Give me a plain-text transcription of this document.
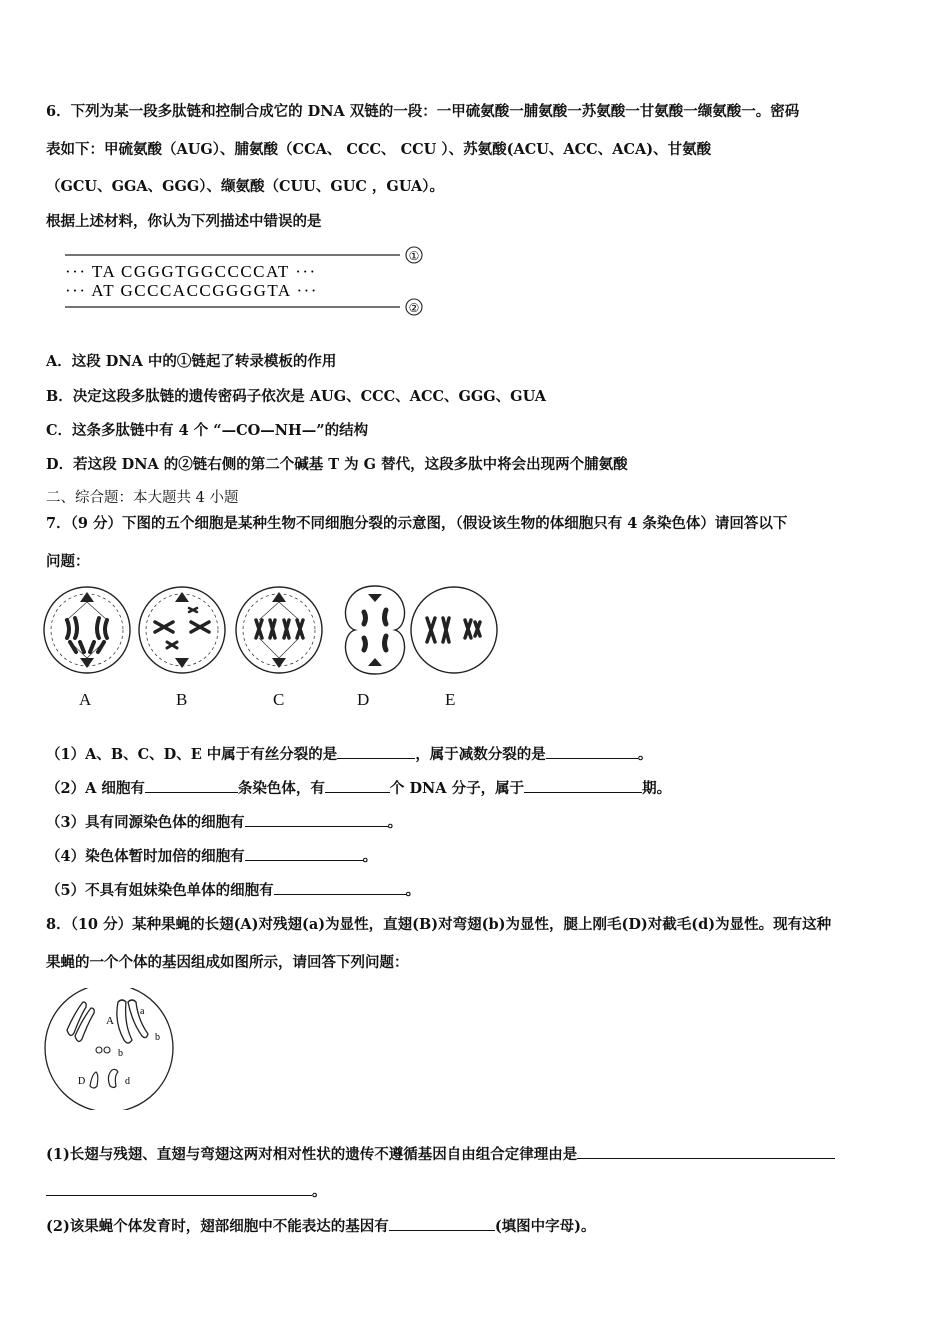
6．下列为某一段多肽链和控制合成它的 DNA 双链的一段：一甲硫氨酸一脯氨酸一苏氨酸一甘氨酸一缬氨酸一。密码
表如下：甲硫氨酸（AUG）、脯氨酸（CCA、 CCC、 CCU ）、苏氨酸(ACU、ACC、ACA)、甘氨酸
（GCU、GGA、GGG）、缬氨酸（CUU、GUC ，GUA）。
根据上述材料，你认为下列描述中错误的是
①
··· TA CGGGTGGCCCCAT ···
··· AT GCCCACCGGGGTA ···
②
A．这段 DNA 中的①链起了转录模板的作用
B．决定这段多肽链的遗传密码子依次是 AUG、CCC、ACC、GGG、GUA
C．这条多肽链中有 4 个 “—CO—NH—”的结构
D．若这段 DNA 的②链右侧的第二个碱基 T 为 G 替代，这段多肽中将会出现两个脯氨酸
二、综合题：本大题共 4 小题
7．（9 分）下图的五个细胞是某种生物不同细胞分裂的示意图，（假设该生物的体细胞只有 4 条染色体）请回答以下
问题：
A	B	C	D	E
（1）A、B、C、D、E 中属于有丝分裂的是	，属于减数分裂的是	。
（2）A 细胞有	条染色体，有	个 DNA 分子，属于	期。
（3）具有同源染色体的细胞有	。
（4）染色体暂时加倍的细胞有	。
（5）不具有姐妹染色单体的细胞有	。
8．（10 分）某种果蝇的长翅(A)对残翅(a)为显性，直翅(B)对弯翅(b)为显性，腿上刚毛(D)对截毛(d)为显性。现有这种
果蝇的一个个体的基因组成如图所示，请回答下列问题：
A
a
b
b
D	d
(1)长翅与残翅、直翅与弯翅这两对相对性状的遗传不遵循基因自由组合定律理由是
。
(2)该果蝇个体发育时，翅部细胞中不能表达的基因有	(填图中字母)。
